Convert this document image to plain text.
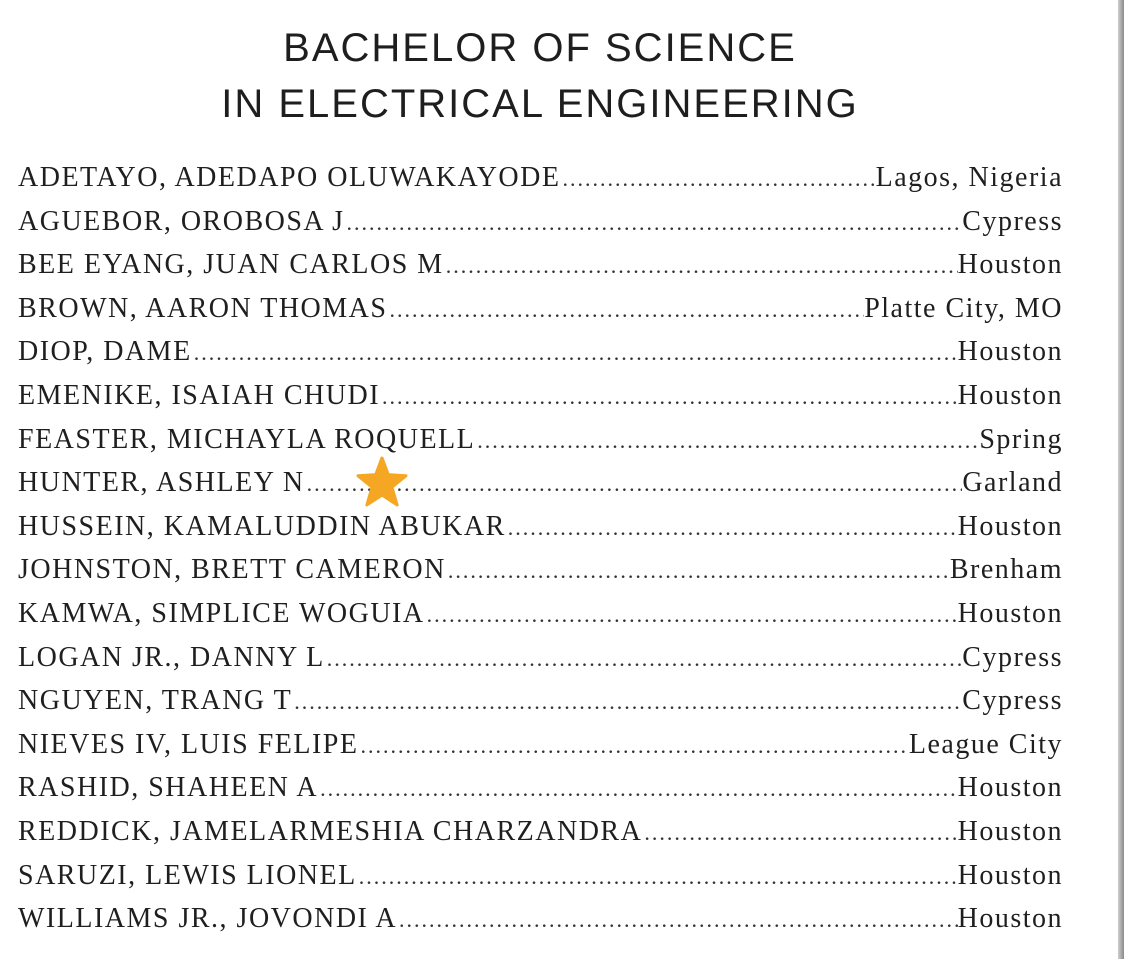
BACHELOR OF SCIENCE
IN ELECTRICAL ENGINEERING
ADETAYO, ADEDAPO OLUWAKAYODE .....	Lagos, Nigeria
AGUEBOR, OROBOSA J .....	Cypress
BEE EYANG, JUAN CARLOS M .....	Houston
BROWN, AARON THOMAS .....	Platte City, MO
DIOP, DAME .....	Houston
EMENIKE, ISAIAH CHUDI .....	Houston
FEASTER, MICHAYLA ROQUELL .....	Spring
HUNTER, ASHLEY N .....	Garland
HUSSEIN, KAMALUDDIN ABUKAR .....	Houston
JOHNSTON, BRETT CAMERON .....	Brenham
KAMWA, SIMPLICE WOGUIA .....	Houston
LOGAN JR., DANNY L .....	Cypress
NGUYEN, TRANG T .....	Cypress
NIEVES IV, LUIS FELIPE .....	League City
RASHID, SHAHEEN A .....	Houston
REDDICK, JAMELARMESHIA CHARZANDRA .....	Houston
SARUZI, LEWIS LIONEL .....	Houston
WILLIAMS JR., JOVONDI A .....	Houston
